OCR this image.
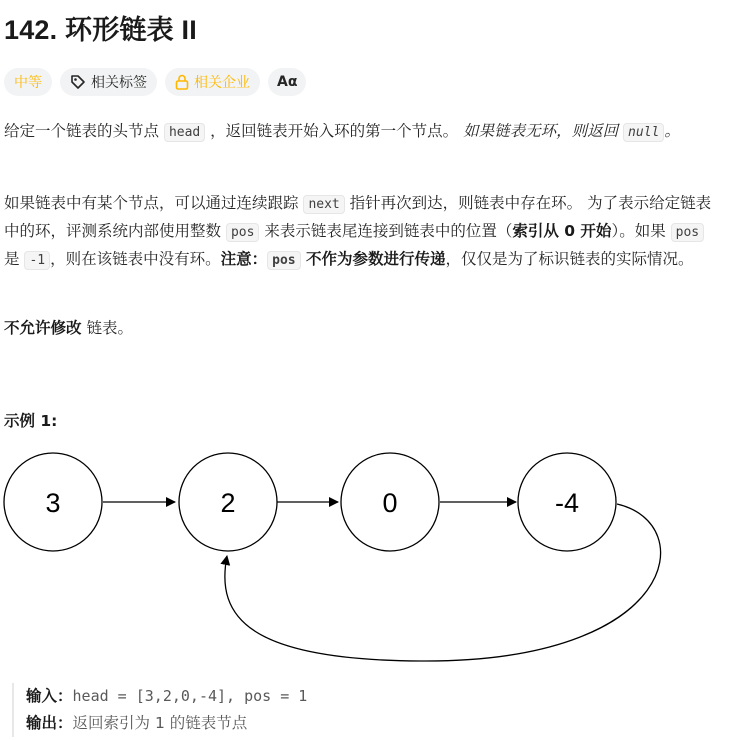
142. 环形链表 II
中等	相关标签	相关企业 Aα
给定一个链表的头节点 head ，返回链表开始入环的第一个节点。 如果链表无环，则返回 null 。
如果链表中有某个节点，可以通过连续跟踪 next 指针再次到达，则链表中存在环。 为了表示给定链表中的环，评测系统内部使用整数 pos 来表示链表尾连接到链表中的位置（索引从 0 开始）。如果 pos 是 -1 ，则在该链表中没有环。注意： pos 不作为参数进行传递，仅仅是为了标识链表的实际情况。
不允许修改 链表。
示例 1:
3	2	0	-4
输入：head = [3,2,0,-4], pos = 1
输出：返回索引为 1 的链表节点
